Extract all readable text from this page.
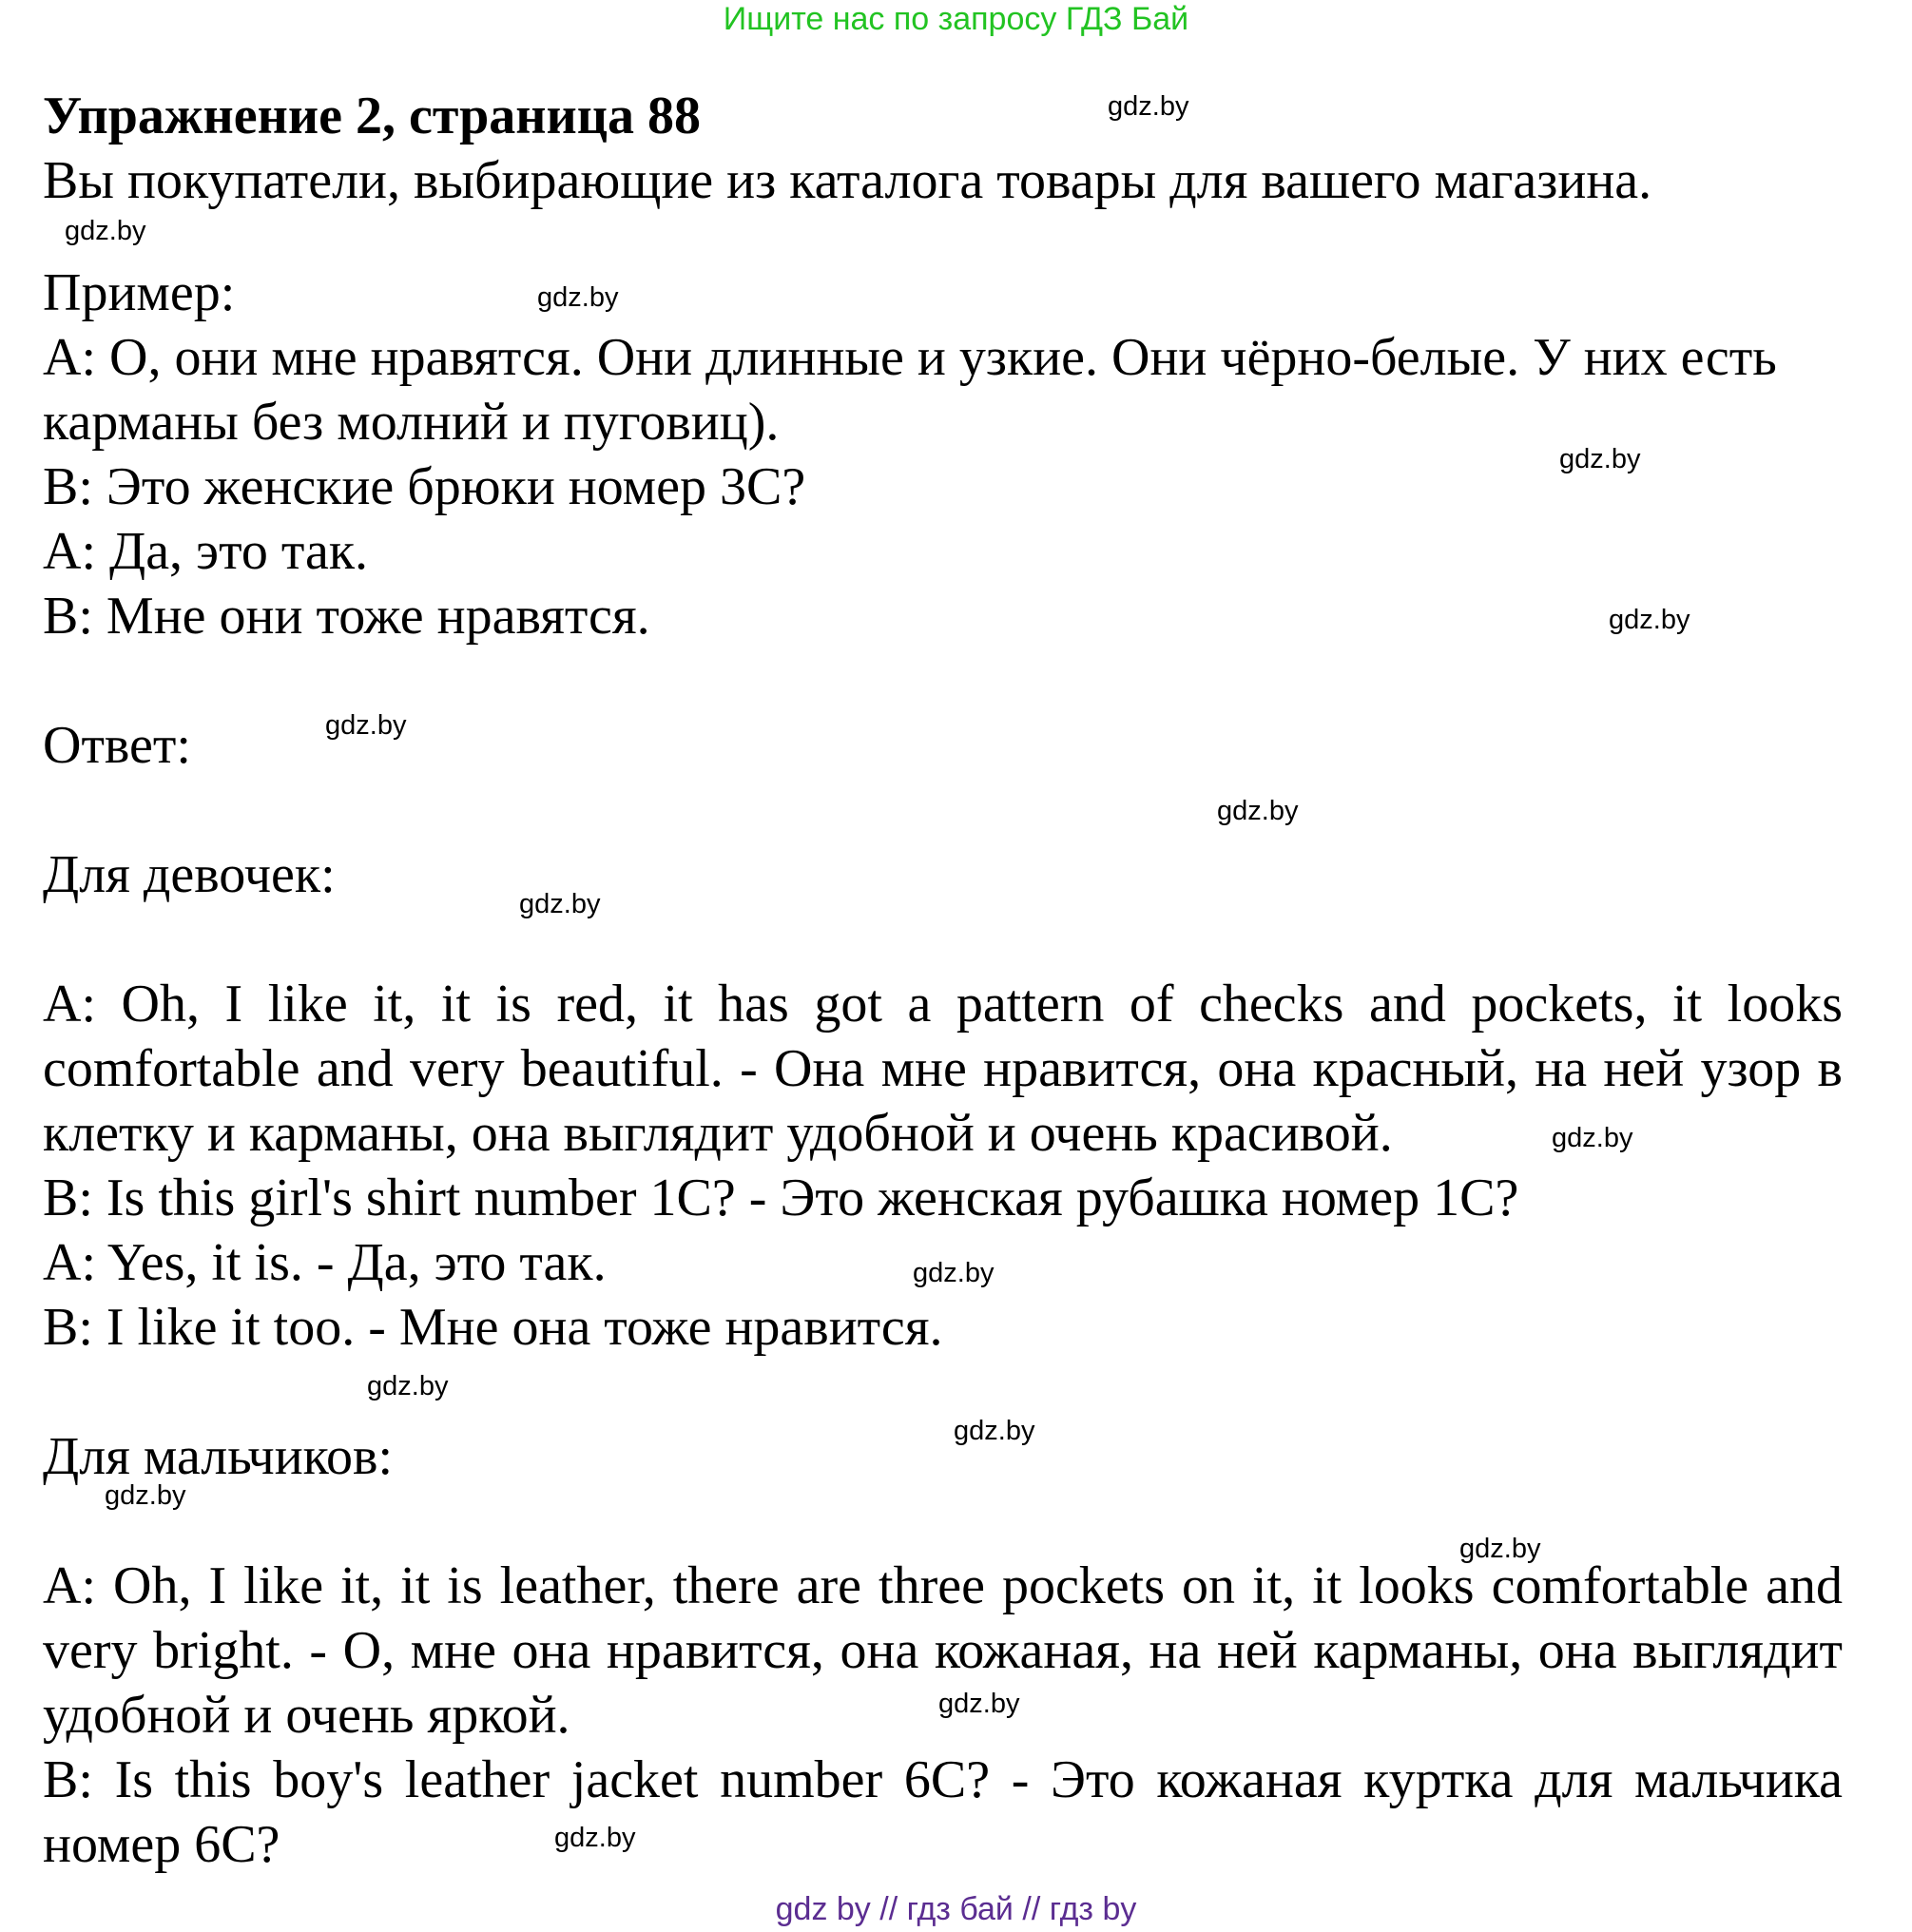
Ищите нас по запросу ГДЗ Бай

Упражнение 2, страница 88

Вы покупатели, выбирающие из каталога товары для вашего магазина.

Пример:

A: О, они мне нравятся. Они длинные и узкие. Они чёрно-белые. У них есть карманы без молний и пуговиц).

B: Это женские брюки номер 3С?

A: Да, это так.

B: Мне они тоже нравятся.

Ответ:

Для девочек:

A: Oh, I like it, it is red, it has got a pattern of checks and pockets, it looks comfortable and very beautiful. - Она мне нравится, она красный, на ней узор в клетку и карманы, она выглядит удобной и очень красивой.

B: Is this girl's shirt number 1C? - Это женская рубашка номер 1С?

A: Yes, it is. - Да, это так.

B: I like it too. - Мне она тоже нравится.

Для мальчиков:

A: Oh, I like it, it is leather, there are three pockets on it, it looks comfortable and very bright. - О, мне она нравится, она кожаная, на ней карманы, она выглядит удобной и очень яркой.

B: Is this boy's leather jacket number 6C? - Это кожаная куртка для мальчика номер 6С?

gdz.by
gdz.by
gdz.by
gdz.by
gdz.by
gdz.by
gdz.by
gdz.by
gdz.by
gdz.by
gdz.by
gdz.by
gdz.by
gdz.by
gdz.by
gdz.by
gdz by // гдз бай // гдз by
